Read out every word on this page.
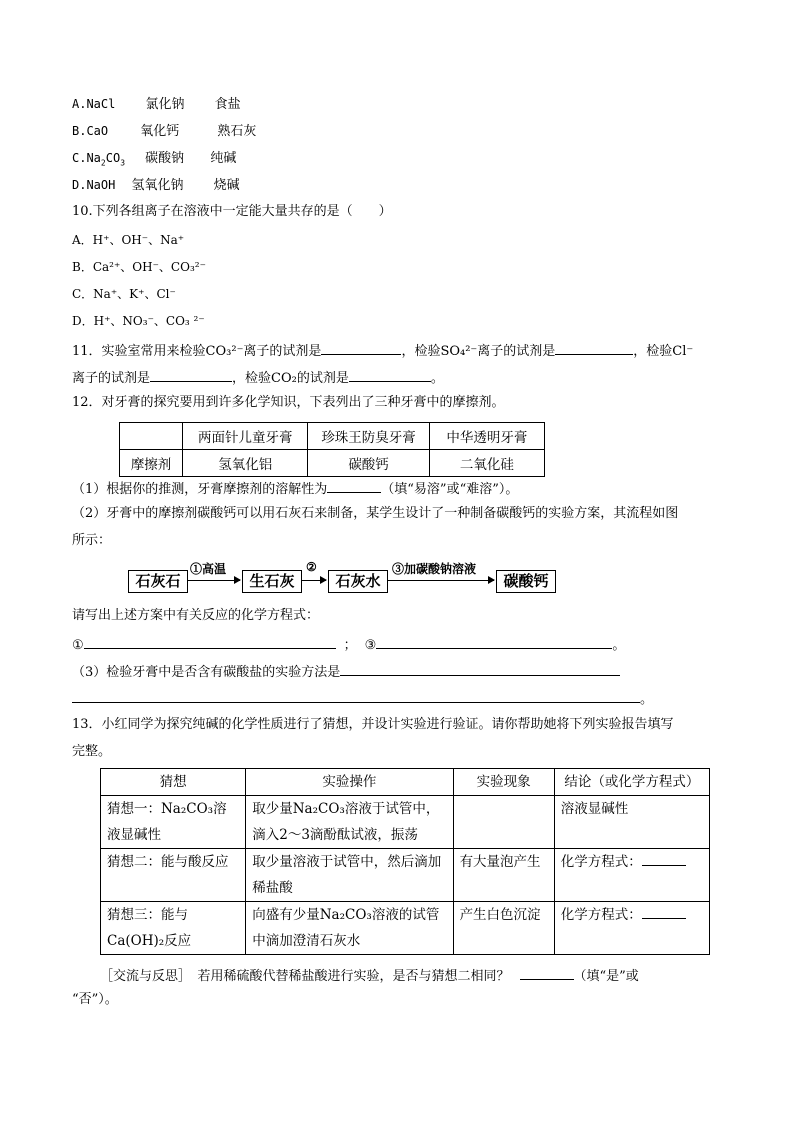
A.NaCl 氯化钠 食盐
B.CaO 氧化钙	熟石灰
$C.Na_2CO_3$ 碳酸钠 纯碱
D.NaOH 氢氧化钠 烧碱
10.下列各组离子在溶液中一定能大量共存的是（　　）
A．H⁺、OH⁻、Na⁺
B．Ca²⁺、OH⁻、CO₃²⁻
C．Na⁺、K⁺、Cl⁻
D．H⁺、NO₃⁻、CO₃ ²⁻
11．实验室常用来检验CO₃²⁻离子的试剂是	，检验SO₄²⁻离子的试剂是	，检验Cl⁻
离子的试剂是	，检验CO₂的试剂是	。
12．对牙膏的探究要用到许多化学知识，下表列出了三种牙膏中的摩擦剂。
	两面针儿童牙膏	珍珠王防臭牙膏	中华透明牙膏
摩擦剂	氢氧化铝	碳酸钙	二氧化硅
（1）根据你的推测，牙膏摩擦剂的溶解性为	（填“易溶”或“难溶”）。
（2）牙膏中的摩擦剂碳酸钙可以用石灰石来制备，某学生设计了一种制备碳酸钙的实验方案，其流程如图
所示：
石灰石
①高温
生石灰
②
石灰水
③加碳酸钠溶液
碳酸钙
请写出上述方案中有关反应的化学方程式：
①	； ③	。
（3）检验牙膏中是否含有碳酸盐的实验方法是
。
13．小红同学为探究纯碱的化学性质进行了猜想，并设计实验进行验证。请你帮助她将下列实验报告填写
完整。
猜想	实验操作	实验现象	结论（或化学方程式）
猜想一：Na₂CO₃溶液显碱性	取少量Na₂CO₃溶液于试管中，滴入2～3滴酚酞试液，振荡		溶液显碱性
猜想二：能与酸反应	取少量溶液于试管中，然后滴加稀盐酸	有大量泡产生	化学方程式：
猜想三：能与Ca(OH)₂反应	向盛有少量Na₂CO₃溶液的试管中滴加澄清石灰水	产生白色沉淀	化学方程式：
［交流与反思］　若用稀硫酸代替稀盐酸进行实验，是否与猜想二相同？	（填“是”或
“否”）。
